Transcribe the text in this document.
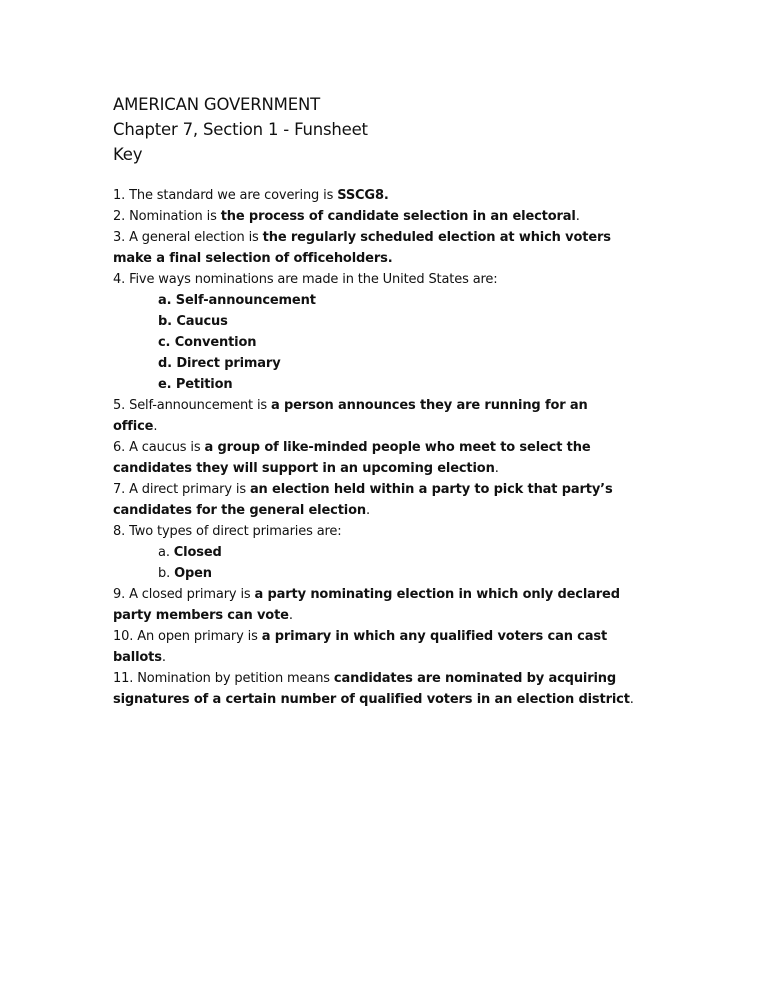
AMERICAN GOVERNMENT

Chapter 7, Section 1 - Funsheet

Key

1. The standard we are covering is SSCG8.

2. Nomination is the process of candidate selection in an electoral.

3. A general election is the regularly scheduled election at which voters

make a final selection of officeholders.

4. Five ways nominations are made in the United States are:

a. Self-announcement

b. Caucus

c. Convention

d. Direct primary

e. Petition

5. Self-announcement is a person announces they are running for an

office.

6. A caucus is a group of like-minded people who meet to select the

candidates they will support in an upcoming election.

7. A direct primary is an election held within a party to pick that party’s

candidates for the general election.

8. Two types of direct primaries are:

a. Closed

b. Open

9. A closed primary is a party nominating election in which only declared

party members can vote.

10. An open primary is a primary in which any qualified voters can cast

ballots.

11. Nomination by petition means candidates are nominated by acquiring

signatures of a certain number of qualified voters in an election district.
